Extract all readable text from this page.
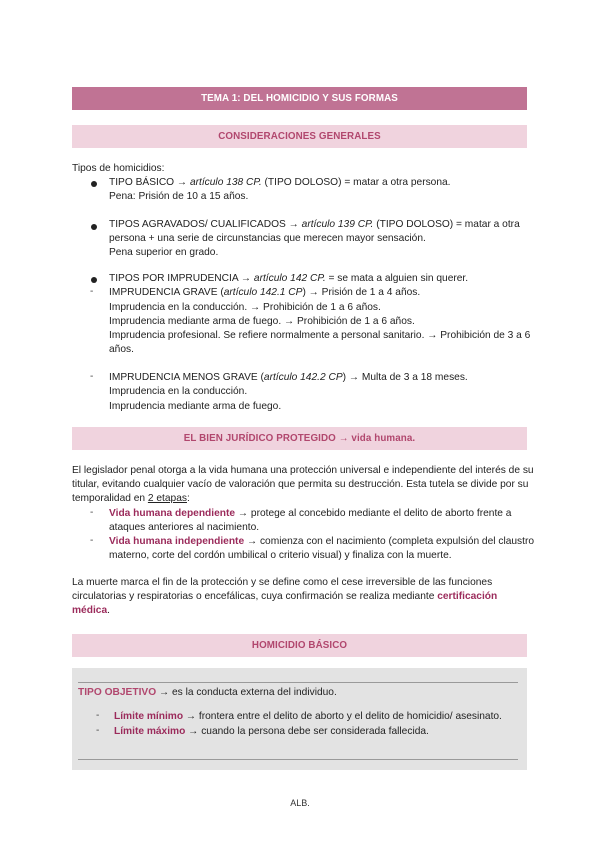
TEMA 1: DEL HOMICIDIO Y SUS FORMAS
CONSIDERACIONES GENERALES
Tipos de homicidios:
TIPO BÁSICO → artículo 138 CP. (TIPO DOLOSO) = matar a otra persona.
Pena: Prisión de 10 a 15 años.
TIPOS AGRAVADOS/ CUALIFICADOS → artículo 139 CP. (TIPO DOLOSO) = matar a otra
persona + una serie de circunstancias que merecen mayor sensación.
Pena superior en grado.
TIPOS POR IMPRUDENCIA → artículo 142 CP. = se mata a alguien sin querer.
- IMPRUDENCIA GRAVE (artículo 142.1 CP) → Prisión de 1 a 4 años.
Imprudencia en la conducción. → Prohibición de 1 a 6 años.
Imprudencia mediante arma de fuego. → Prohibición de 1 a 6 años.
Imprudencia profesional. Se refiere normalmente a personal sanitario. → Prohibición de 3 a 6
años.
- IMPRUDENCIA MENOS GRAVE (artículo 142.2 CP) → Multa de 3 a 18 meses.
Imprudencia en la conducción.
Imprudencia mediante arma de fuego.
EL BIEN JURÍDICO PROTEGIDO → vida humana.
El legislador penal otorga a la vida humana una protección universal e independiente del interés de su
titular, evitando cualquier vacío de valoración que permita su destrucción. Esta tutela se divide por su
temporalidad en 2 etapas:
- Vida humana dependiente → protege al concebido mediante el delito de aborto frente a
ataques anteriores al nacimiento.
- Vida humana independiente → comienza con el nacimiento (completa expulsión del claustro
materno, corte del cordón umbilical o criterio visual) y finaliza con la muerte.
La muerte marca el fin de la protección y se define como el cese irreversible de las funciones
circulatorias y respiratorias o encefálicas, cuya confirmación se realiza mediante certificación
médica.
HOMICIDIO BÁSICO
TIPO OBJETIVO → es la conducta externa del individuo.
- Límite mínimo → frontera entre el delito de aborto y el delito de homicidio/ asesinato.
- Límite máximo → cuando la persona debe ser considerada fallecida.
ALB.
